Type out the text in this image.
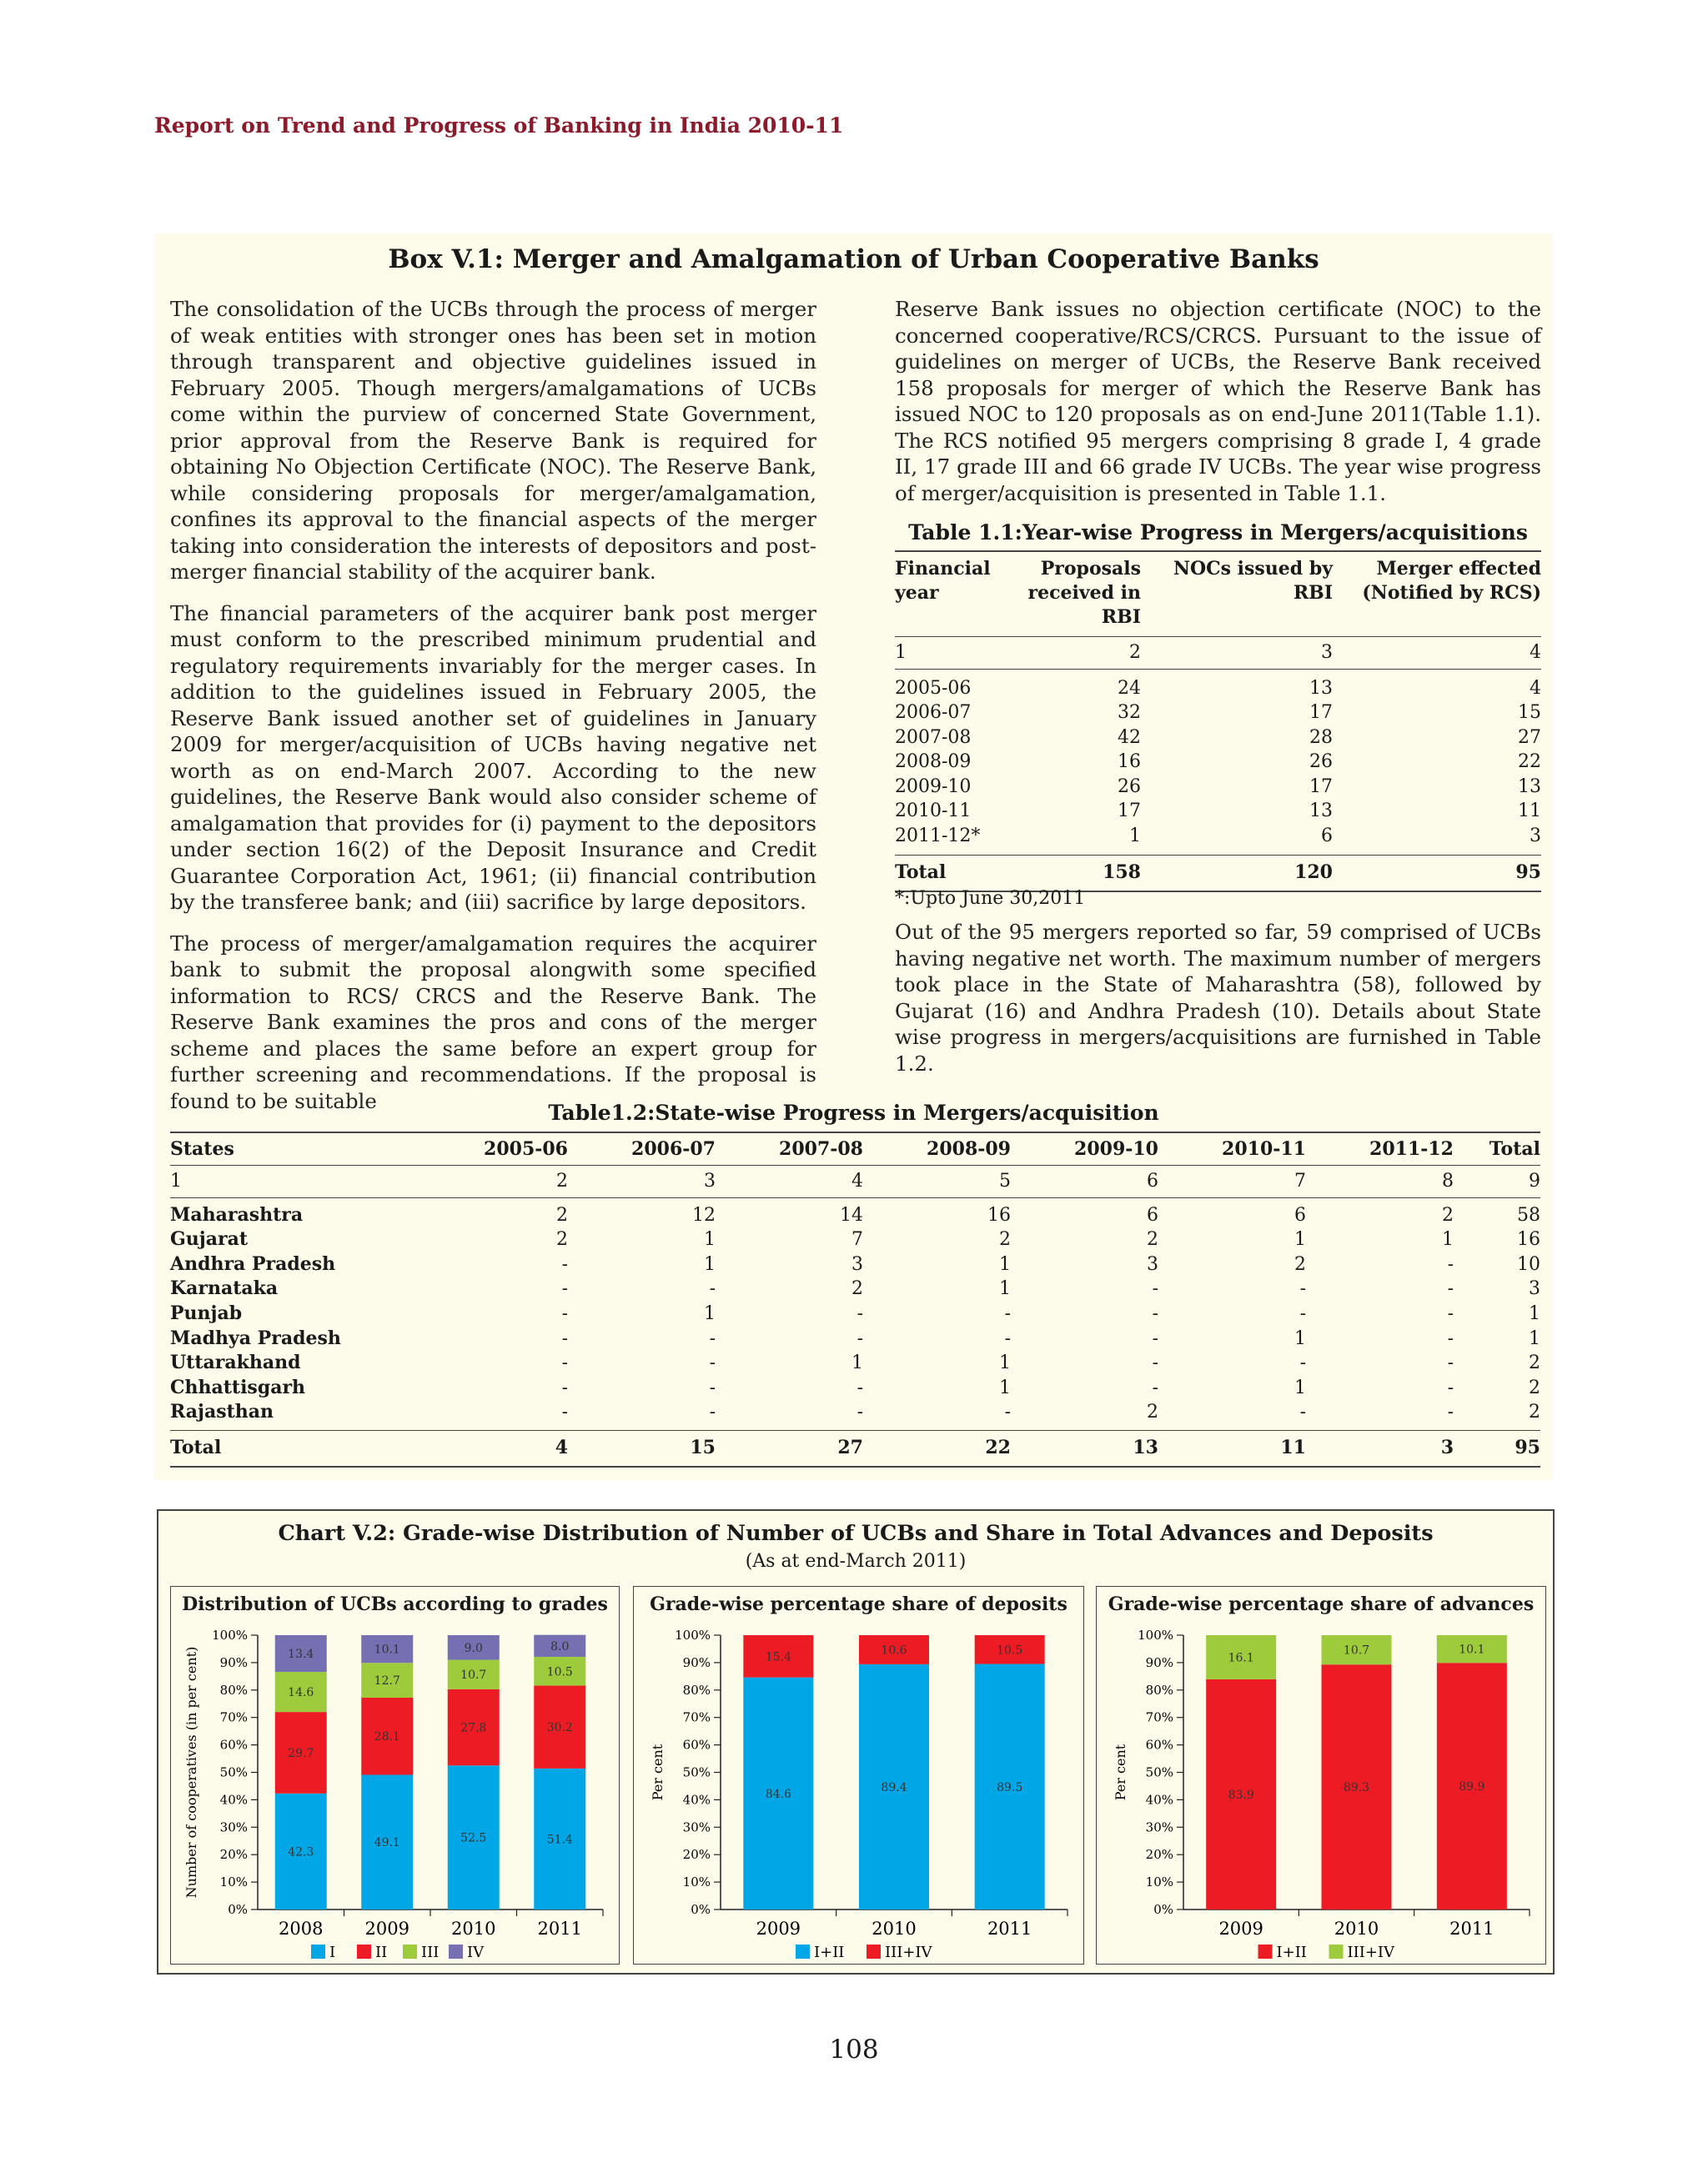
Report on Trend and Progress of Banking in India 2010-11
Box V.1: Merger and Amalgamation of Urban Cooperative Banks

The consolidation of the UCBs through the process of merger of weak entities with stronger ones has been set in motion through transparent and objective guidelines issued in February 2005. Though mergers/amalgamations of UCBs come within the purview of concerned State Government, prior approval from the Reserve Bank is required for obtaining No Objection Certificate (NOC). The Reserve Bank, while considering proposals for merger/amalgamation, confines its approval to the financial aspects of the merger taking into consideration the interests of depositors and post-merger financial stability of the acquirer bank.

The financial parameters of the acquirer bank post merger must conform to the prescribed minimum prudential and regulatory requirements invariably for the merger cases. In addition to the guidelines issued in February 2005, the Reserve Bank issued another set of guidelines in January 2009 for merger/acquisition of UCBs having negative net worth as on end-March 2007. According to the new guidelines, the Reserve Bank would also consider scheme of amalgamation that provides for (i) payment to the depositors under section 16(2) of the Deposit Insurance and Credit Guarantee Corporation Act, 1961; (ii) financial contribution by the transferee bank; and (iii) sacrifice by large depositors.

The process of merger/amalgamation requires the acquirer bank to submit the proposal alongwith some specified information to RCS/ CRCS and the Reserve Bank. The Reserve Bank examines the pros and cons of the merger scheme and places the same before an expert group for further screening and recommendations. If the proposal is found to be suitable

Reserve Bank issues no objection certificate (NOC) to the concerned cooperative/RCS/CRCS. Pursuant to the issue of guidelines on merger of UCBs, the Reserve Bank received 158 proposals for merger of which the Reserve Bank has issued NOC to 120 proposals as on end-June 2011(Table 1.1). The RCS notified 95 mergers comprising 8 grade I, 4 grade II, 17 grade III and 66 grade IV UCBs. The year wise progress of merger/acquisition is presented in Table 1.1.

Table 1.1:Year-wise Progress in Mergers/acquisitions
Financial year	Proposals received in RBI	NOCs issued by RBI	Merger effected (Notified by RCS)
1	2	3	4
2005-06	24	13	4
2006-07	32	17	15
2007-08	42	28	27
2008-09	16	26	22
2009-10	26	17	13
2010-11	17	13	11
2011-12*	1	6	3
Total	158	120	95
*:Upto June 30,2011

Out of the 95 mergers reported so far, 59 comprised of UCBs having negative net worth. The maximum number of mergers took place in the State of Maharashtra (58), followed by Gujarat (16) and Andhra Pradesh (10). Details about State wise progress in mergers/acquisitions are furnished in Table 1.2.

Table1.2:State-wise Progress in Mergers/acquisition
States	2005-06	2006-07	2007-08	2008-09	2009-10	2010-11	2011-12	Total
1	2	3	4	5	6	7	8	9
Maharashtra	2	12	14	16	6	6	2	58
Gujarat	2	1	7	2	2	1	1	16
Andhra Pradesh	-	1	3	1	3	2	-	10
Karnataka	-	-	2	1	-	-	-	3
Punjab	-	1	-	-	-	-	-	1
Madhya Pradesh	-	-	-	-	-	1	-	1
Uttarakhand	-	-	1	1	-	-	-	2
Chhattisgarh	-	-	-	1	-	1	-	2
Rajasthan	-	-	-	-	2	-	-	2
Total	4	15	27	22	13	11	3	95
Chart V.2: Grade-wise Distribution of Number of UCBs and Share in Total Advances and Deposits
(As at end-March 2011)
Distribution of UCBs according to grades
Number of cooperatives (in per cent)
0%
10%
20%
30%
40%
50%
60%
70%
80%
90%
100%
42.3
29.7
14.6
13.4
2008
49.1
28.1
12.7
10.1
2009
52.5
27.8
10.7
9.0
2010
51.4
30.2
10.5
8.0
2011
I	II III IV
Grade-wise percentage share of deposits
Per cent
0%
10%
20%
30%
40%
50%
60%
70%
80%
90%
100%
84.6
15.4
2009
89.4
10.6
2010
89.5
10.5
2011
I+II	III+IV
Grade-wise percentage share of advances
Per cent
0%
10%
20%
30%
40%
50%
60%
70%
80%
90%
100%
83.9
16.1
2009
89.3
10.7
2010
89.9
10.1
2011
I+II	III+IV
108
